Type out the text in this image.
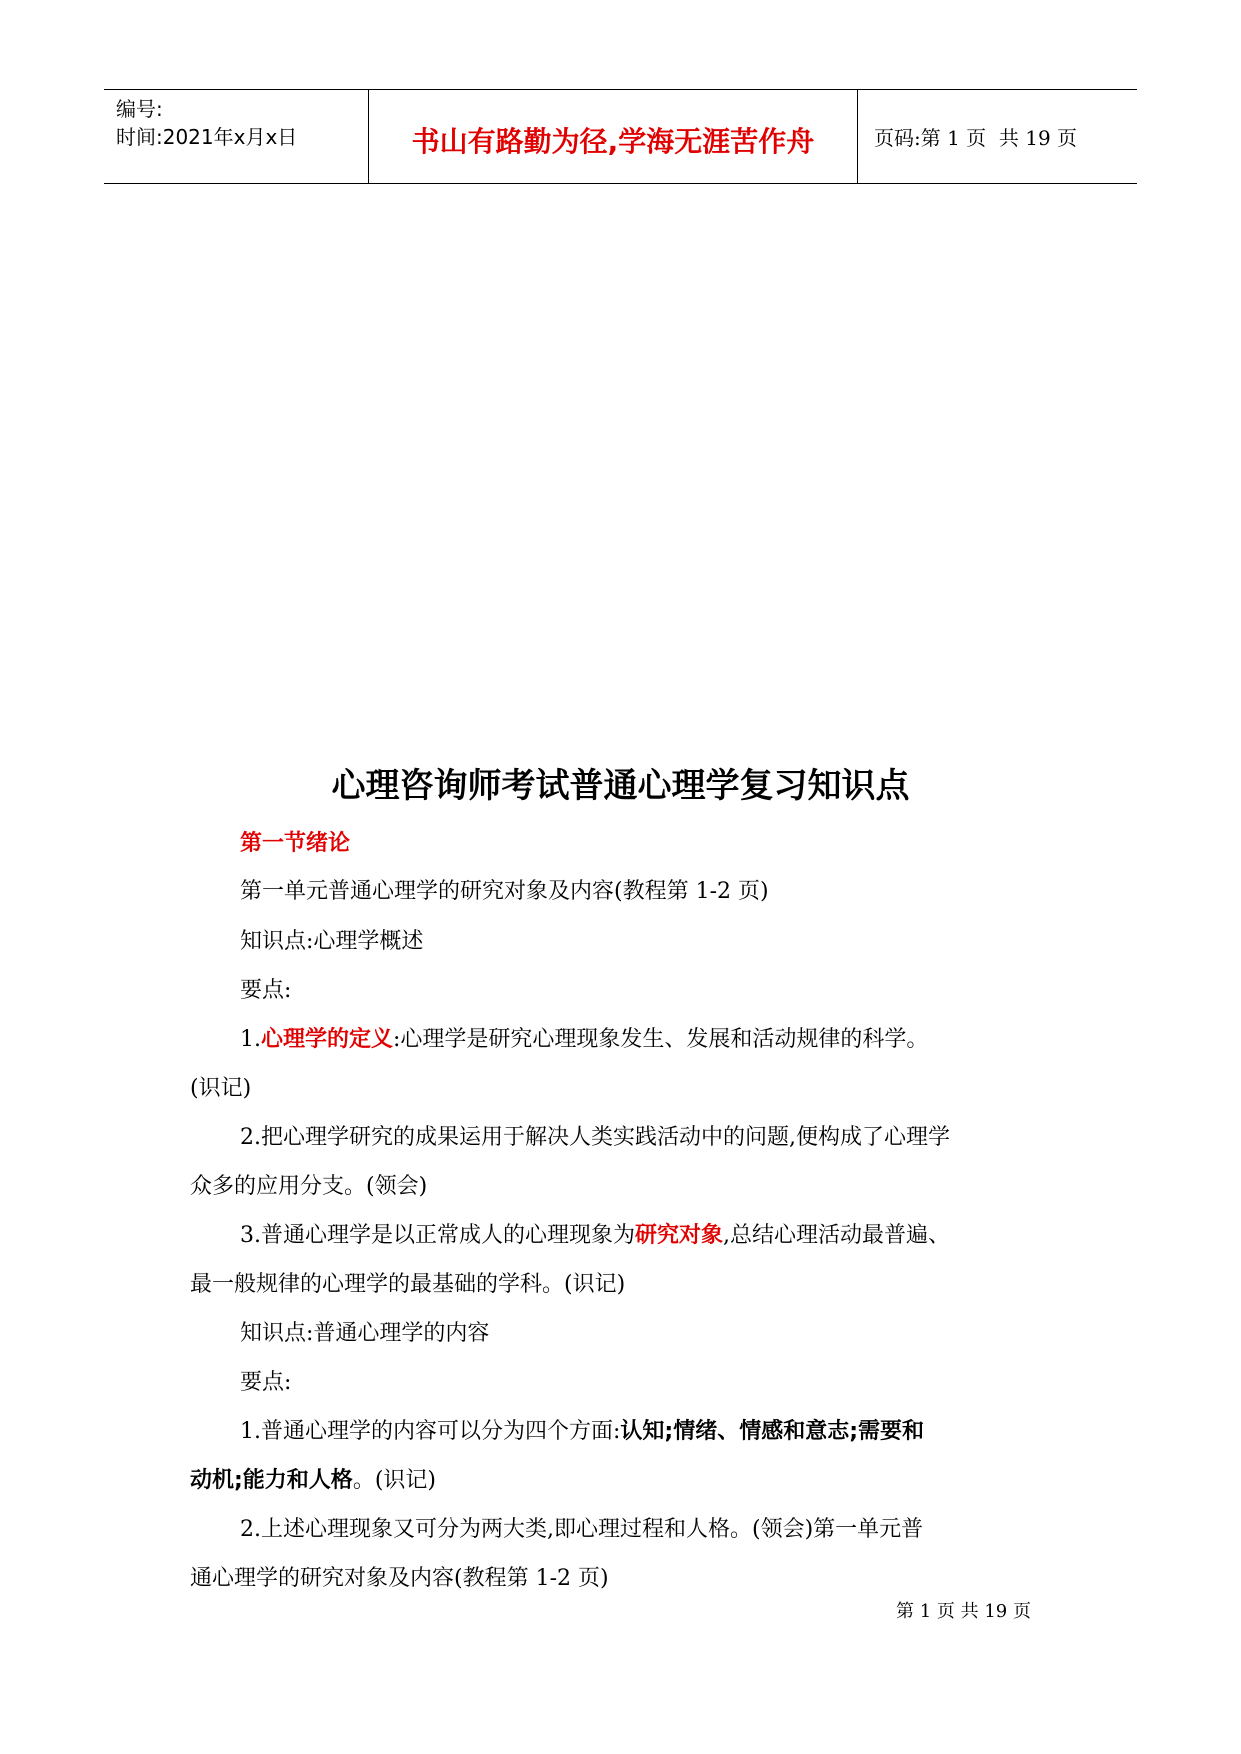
编号:
时间:2021年x月x日	书山有路勤为径,学海无涯苦作舟	页码:第 1 页  共 19 页
心理咨询师考试普通心理学复习知识点
第一节绪论
第一单元普通心理学的研究对象及内容(教程第 1-2 页)
知识点:心理学概述
要点:
1.心理学的定义:心理学是研究心理现象发生、发展和活动规律的科学。
(识记)
2.把心理学研究的成果运用于解决人类实践活动中的问题,便构成了心理学
众多的应用分支。(领会)
3.普通心理学是以正常成人的心理现象为研究对象,总结心理活动最普遍、
最一般规律的心理学的最基础的学科。(识记)
知识点:普通心理学的内容
要点:
1.普通心理学的内容可以分为四个方面:认知;情绪、情感和意志;需要和
动机;能力和人格。(识记)
2.上述心理现象又可分为两大类,即心理过程和人格。(领会)第一单元普
通心理学的研究对象及内容(教程第 1-2 页)
第 1 页 共 19 页
